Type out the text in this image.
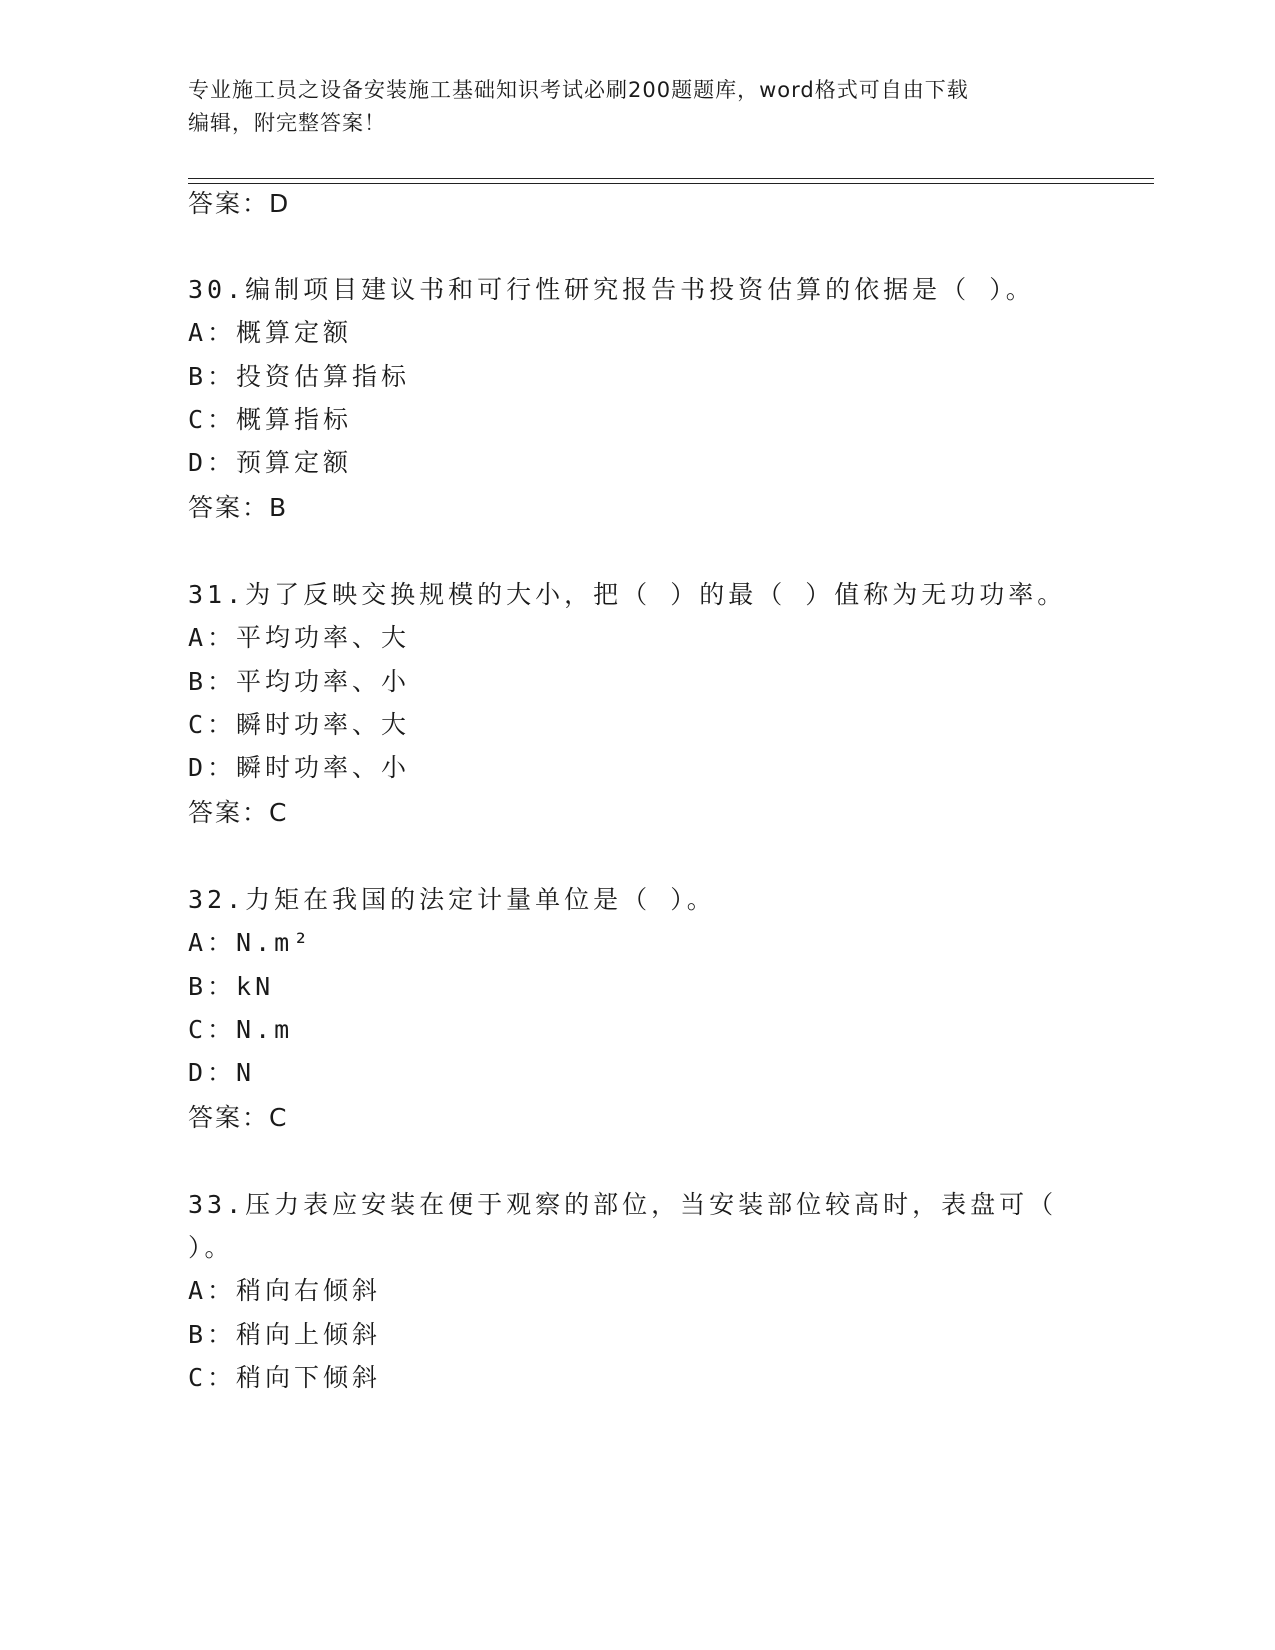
专业施工员之设备安装施工基础知识考试必刷200题题库，word格式可自由下载
编辑，附完整答案！
答案：D
30.编制项目建议书和可行性研究报告书投资估算的依据是（ ）。
A：概算定额
B：投资估算指标
C：概算指标
D：预算定额
答案：B
31.为了反映交换规模的大小，把（ ）的最（ ）值称为无功功率。
A：平均功率、大
B：平均功率、小
C：瞬时功率、大
D：瞬时功率、小
答案：C
32.力矩在我国的法定计量单位是（ ）。
A：N.m²
B：kN
C：N.m
D：N
答案：C
33.压力表应安装在便于观察的部位，当安装部位较高时，表盘可（
）。
A：稍向右倾斜
B：稍向上倾斜
C：稍向下倾斜
